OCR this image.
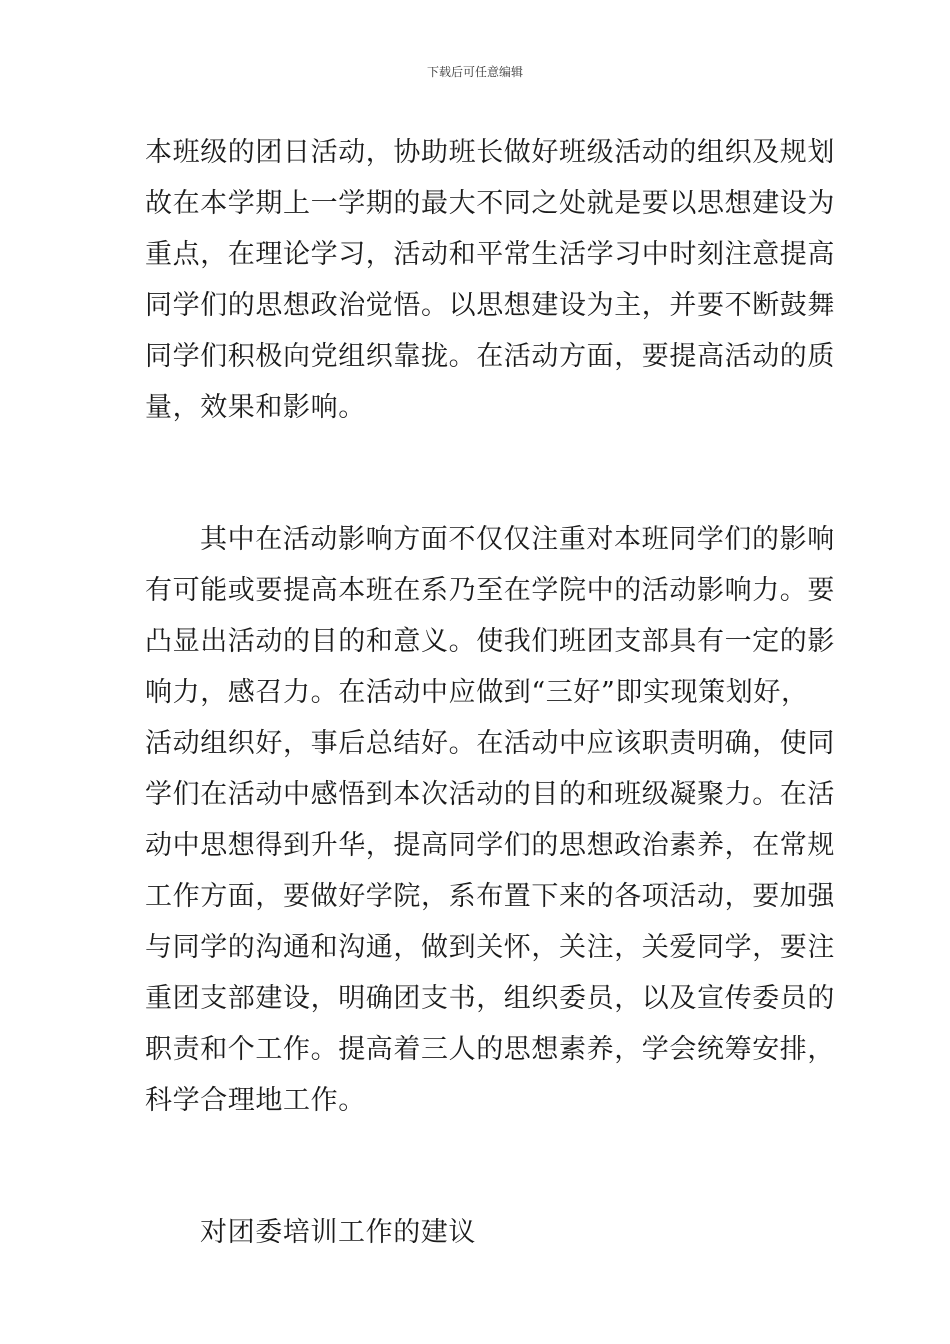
下载后可任意编辑
本班级的团日活动，协助班长做好班级活动的组织及规划
故在本学期上一学期的最大不同之处就是要以思想建设为
重点，在理论学习，活动和平常生活学习中时刻注意提高
同学们的思想政治觉悟。以思想建设为主，并要不断鼓舞
同学们积极向党组织靠拢。在活动方面，要提高活动的质
量，效果和影响。
其中在活动影响方面不仅仅注重对本班同学们的影响
有可能或要提高本班在系乃至在学院中的活动影响力。要
凸显出活动的目的和意义。使我们班团支部具有一定的影
响力，感召力。在活动中应做到“三好”即实现策划好，
活动组织好，事后总结好。在活动中应该职责明确，使同
学们在活动中感悟到本次活动的目的和班级凝聚力。在活
动中思想得到升华，提高同学们的思想政治素养，在常规
工作方面，要做好学院，系布置下来的各项活动，要加强
与同学的沟通和沟通，做到关怀，关注，关爱同学，要注
重团支部建设，明确团支书，组织委员，以及宣传委员的
职责和个工作。提高着三人的思想素养，学会统筹安排，
科学合理地工作。
对团委培训工作的建议
